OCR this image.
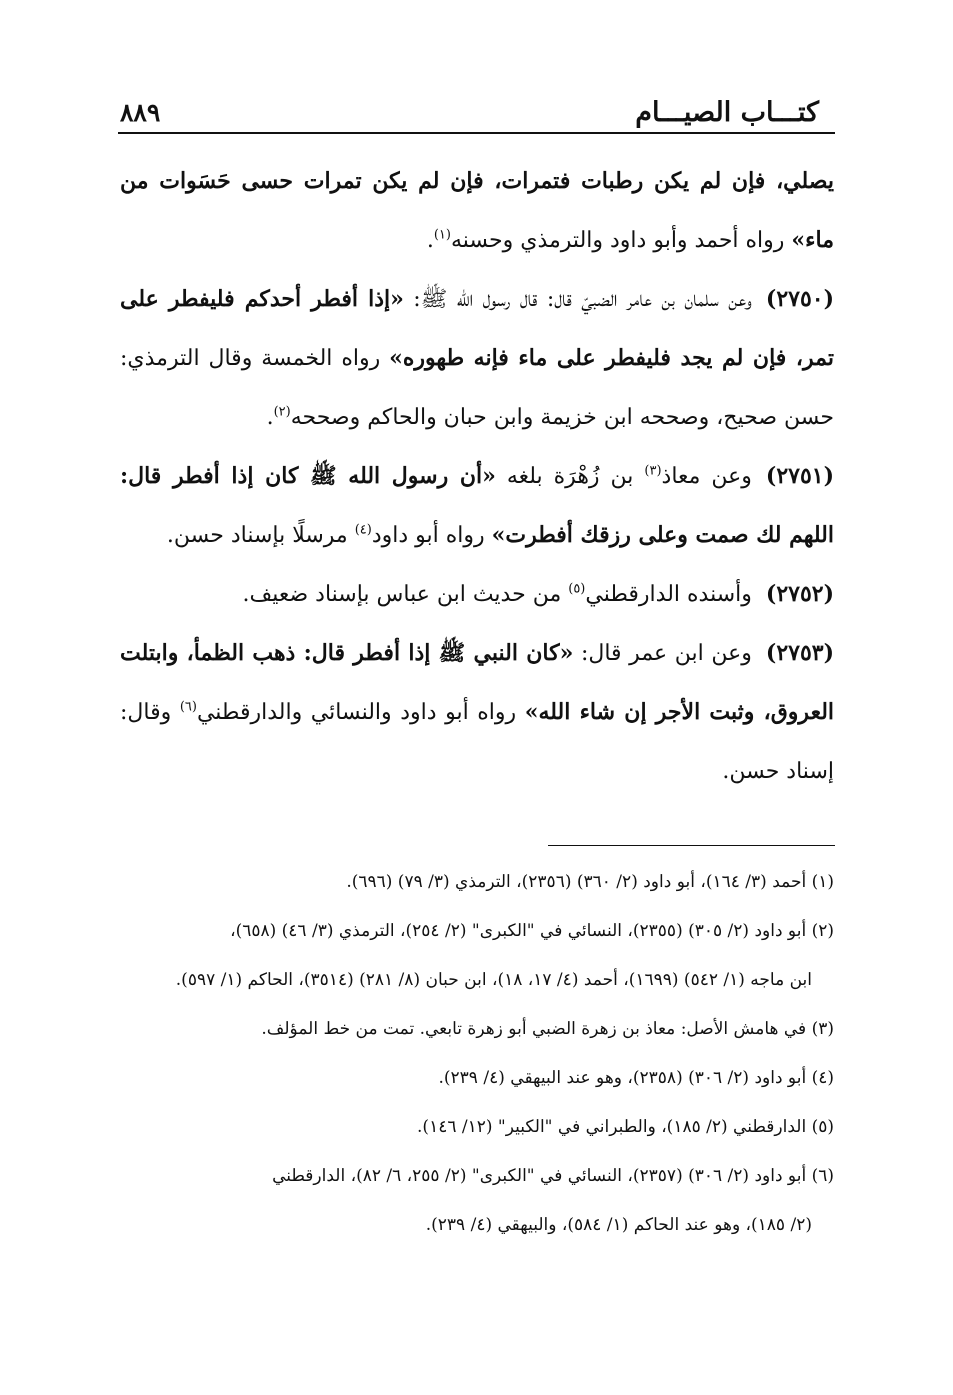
كتـــاب الصيـــام
٨٨٩

يصلي، فإن لم يكن رطبات فتمرات، فإن لم يكن تمرات حسى حَسَوات من ماء» رواه أحمد وأبو داود والترمذي وحسنه$^{(١)}$.

(٢٧٥٠)وعن سلمان بن عامر الضبيّ قال: قال رسول الله ﷺ: «إذا أفطر أحدكم فليفطر على تمر، فإن لم يجد فليفطر على ماء فإنه طهوره» رواه الخمسة وقال الترمذي: حسن صحيح، وصححه ابن خزيمة وابن حبان والحاكم وصححه$^{(٢)}$.

(٢٧٥١)وعن معاذ$^{(٣)}$ بن زُهْرَة بلغه «أن رسول الله ﷺ كان إذا أفطر قال: اللهم لك صمت وعلى رزقك أفطرت» رواه أبو داود$^{(٤)}$ مرسلًا بإسناد حسن.

(٢٧٥٢)وأسنده الدارقطني$^{(٥)}$ من حديث ابن عباس بإسناد ضعيف.

(٢٧٥٣)وعن ابن عمر قال: «كان النبي ﷺ إذا أفطر قال: ذهب الظمأ، وابتلت العروق، وثبت الأجر إن شاء الله» رواه أبو داود والنسائي والدارقطني$^{(٦)}$ وقال: إسناد حسن.

(١) أحمد (٣/ ١٦٤)، أبو داود (٢/ ٣٦٠) (٢٣٥٦)، الترمذي (٣/ ٧٩) (٦٩٦).

(٢) أبو داود (٢/ ٣٠٥) (٢٣٥٥)، النسائي في "الكبرى" (٢/ ٢٥٤)، الترمذي (٣/ ٤٦) (٦٥٨)،
ابن ماجه (١/ ٥٤٢) (١٦٩٩)، أحمد (٤/ ١٧، ١٨)، ابن حبان (٨/ ٢٨١) (٣٥١٤)، الحاكم (١/ ٥٩٧).

(٣) في هامش الأصل: معاذ بن زهرة الضبي أبو زهرة تابعي. تمت من خط المؤلف.

(٤) أبو داود (٢/ ٣٠٦) (٢٣٥٨)، وهو عند البيهقي (٤/ ٢٣٩).

(٥) الدارقطني (٢/ ١٨٥)، والطبراني في "الكبير" (١٢/ ١٤٦).

(٦) أبو داود (٢/ ٣٠٦) (٢٣٥٧)، النسائي في "الكبرى" (٢/ ٢٥٥، ٦/ ٨٢)، الدارقطني
(٢/ ١٨٥)، وهو عند الحاكم (١/ ٥٨٤)، والبيهقي (٤/ ٢٣٩).
